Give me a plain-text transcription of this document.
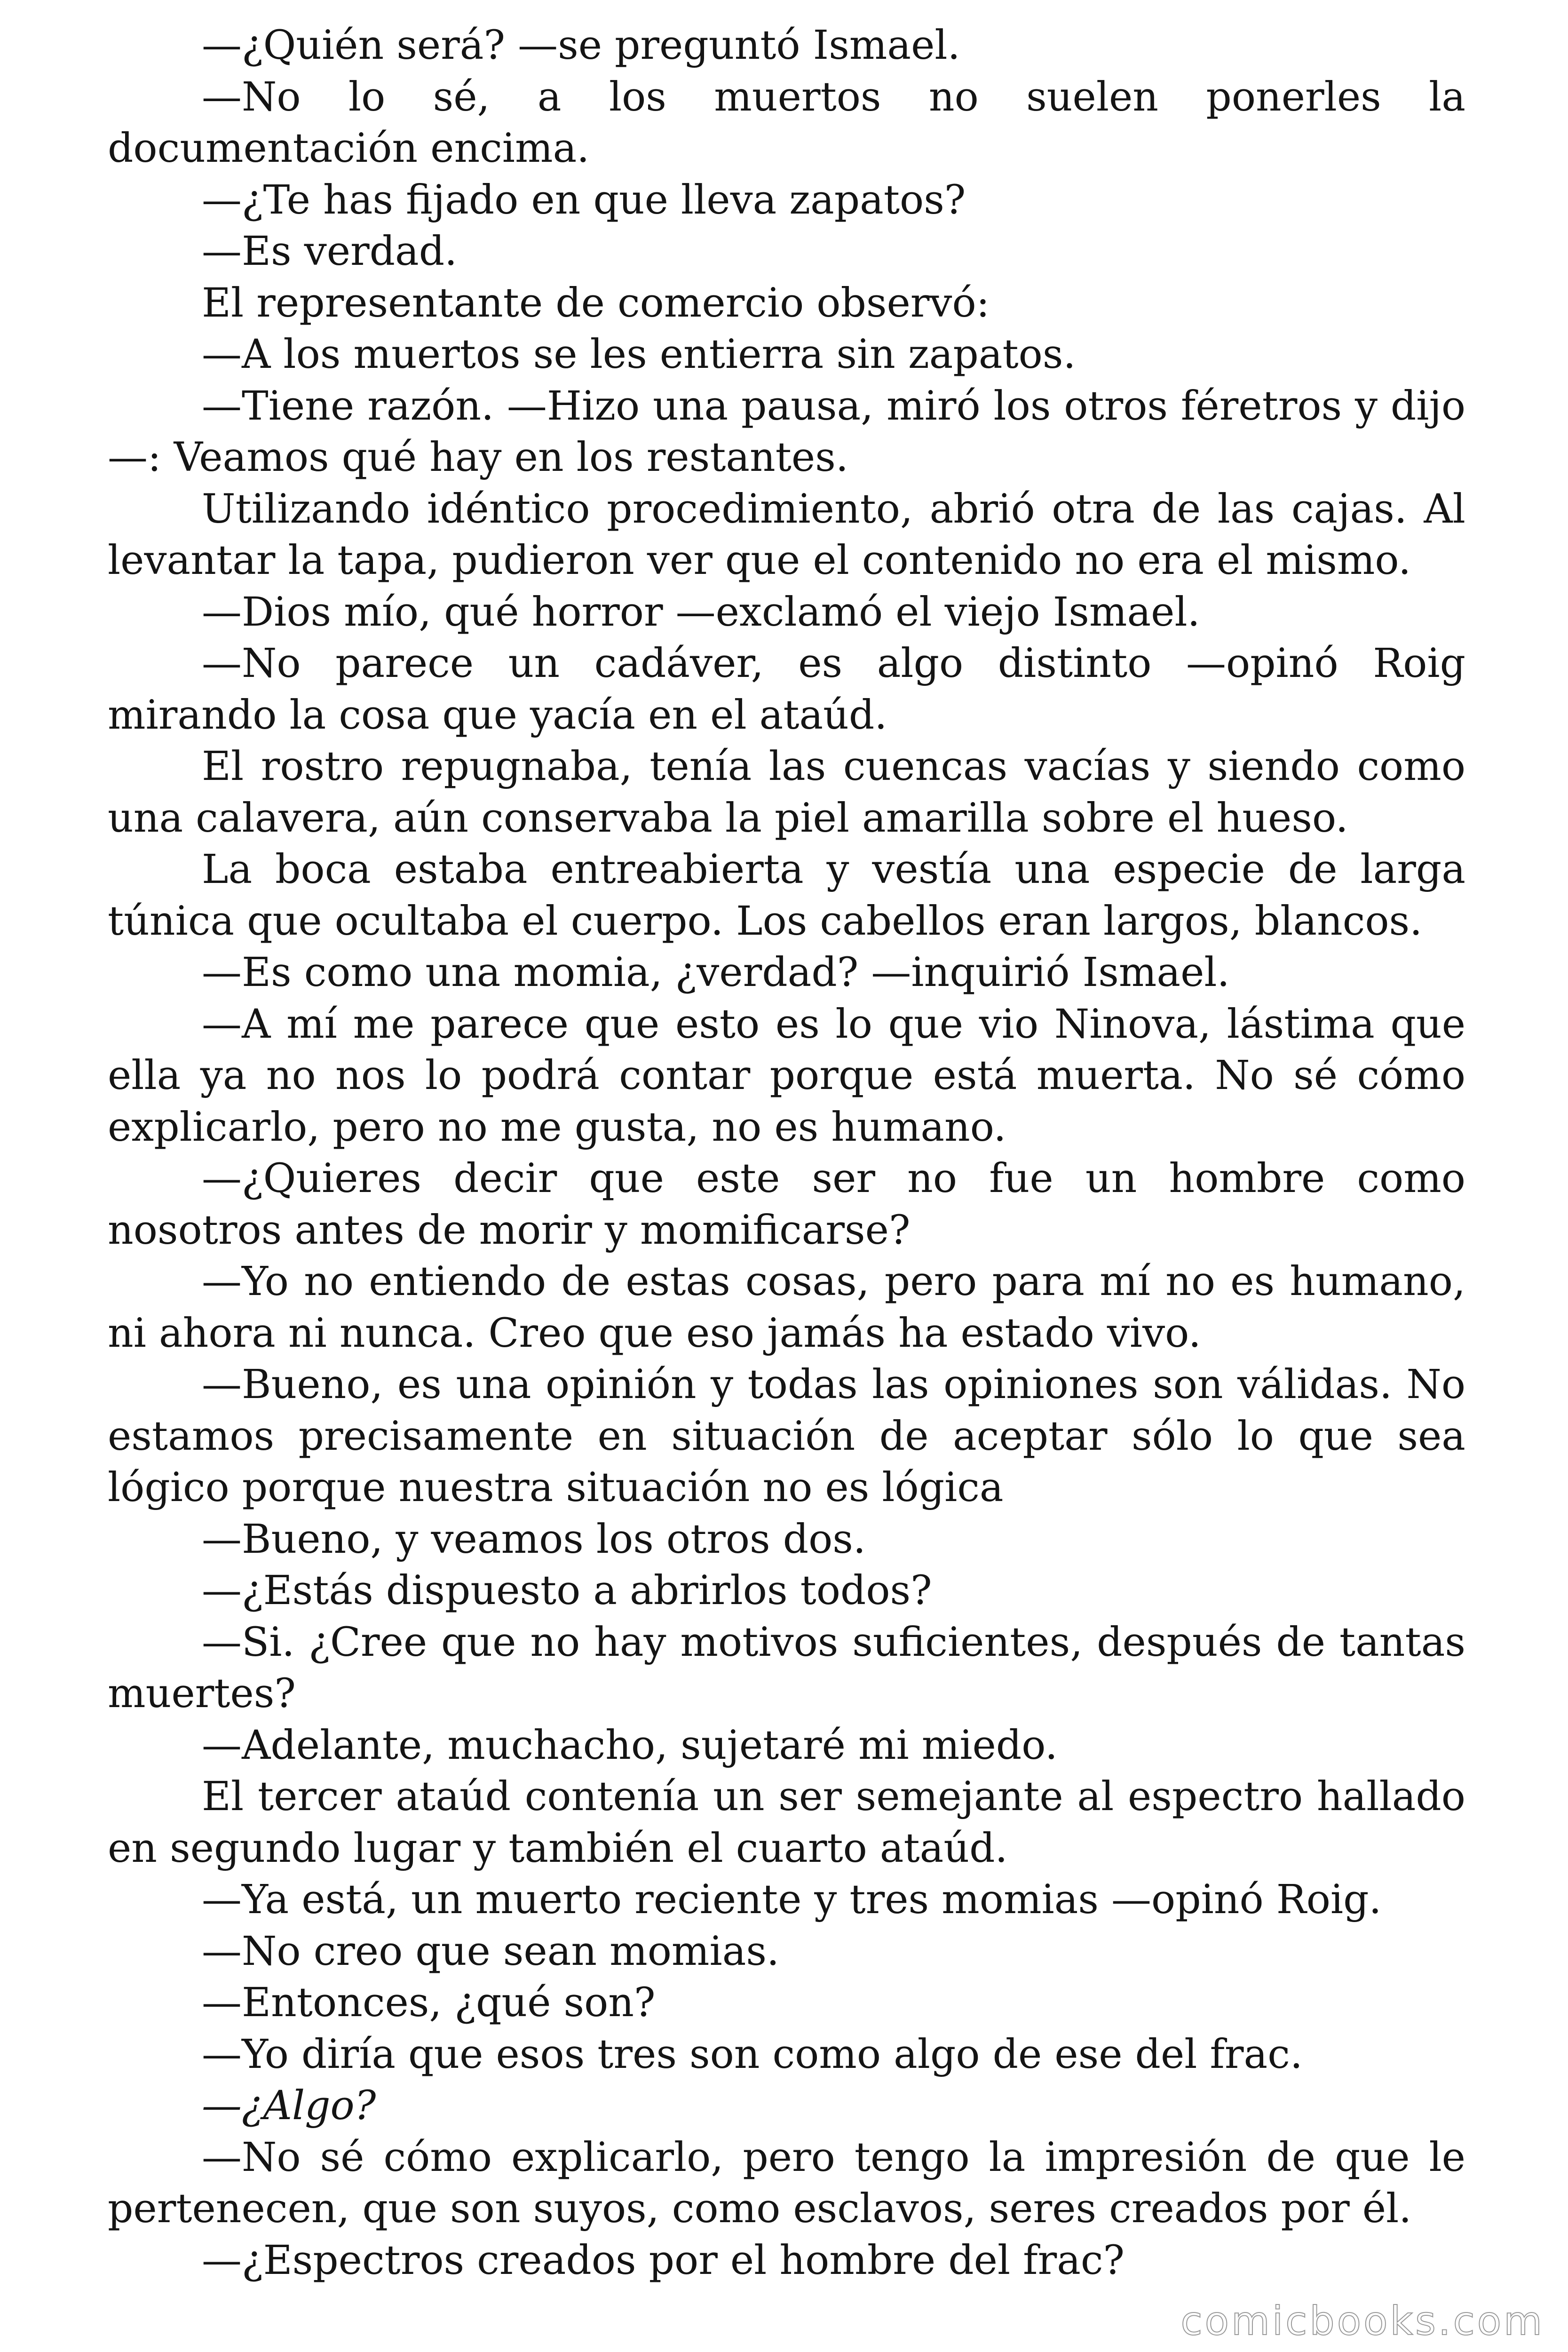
—¿Quién será? —se preguntó Ismael.

—No lo sé, a los muertos no suelen ponerles la documentación encima.

—¿Te has fijado en que lleva zapatos?

—Es verdad.

El representante de comercio observó:

—A los muertos se les entierra sin zapatos.

—Tiene razón. —Hizo una pausa, miró los otros féretros y dijo—: Veamos qué hay en los restantes.

Utilizando idéntico procedimiento, abrió otra de las cajas. Al levantar la tapa, pudieron ver que el contenido no era el mismo.

—Dios mío, qué horror —exclamó el viejo Ismael.

—No parece un cadáver, es algo distinto —opinó Roig mirando la cosa que yacía en el ataúd.

El rostro repugnaba, tenía las cuencas vacías y siendo como una calavera, aún conservaba la piel amarilla sobre el hueso.

La boca estaba entreabierta y vestía una especie de larga túnica que ocultaba el cuerpo. Los cabellos eran largos, blancos.

—Es como una momia, ¿verdad? —inquirió Ismael.

—A mí me parece que esto es lo que vio Ninova, lástima que ella ya no nos lo podrá contar porque está muerta. No sé cómo explicarlo, pero no me gusta, no es humano.

—¿Quieres decir que este ser no fue un hombre como nosotros antes de morir y momificarse?

—Yo no entiendo de estas cosas, pero para mí no es humano, ni ahora ni nunca. Creo que eso jamás ha estado vivo.

—Bueno, es una opinión y todas las opiniones son válidas. No estamos precisamente en situación de aceptar sólo lo que sea lógico porque nuestra situación no es lógica

—Bueno, y veamos los otros dos.

—¿Estás dispuesto a abrirlos todos?

—Si. ¿Cree que no hay motivos suficientes, después de tantas muertes?

—Adelante, muchacho, sujetaré mi miedo.

El tercer ataúd contenía un ser semejante al espectro hallado en segundo lugar y también el cuarto ataúd.

—Ya está, un muerto reciente y tres momias —opinó Roig.

—No creo que sean momias.

—Entonces, ¿qué son?

—Yo diría que esos tres son como algo de ese del frac.

—¿Algo?

—No sé cómo explicarlo, pero tengo la impresión de que le pertenecen, que son suyos, como esclavos, seres creados por él.

—¿Espectros creados por el hombre del frac?

comicbooks.com
